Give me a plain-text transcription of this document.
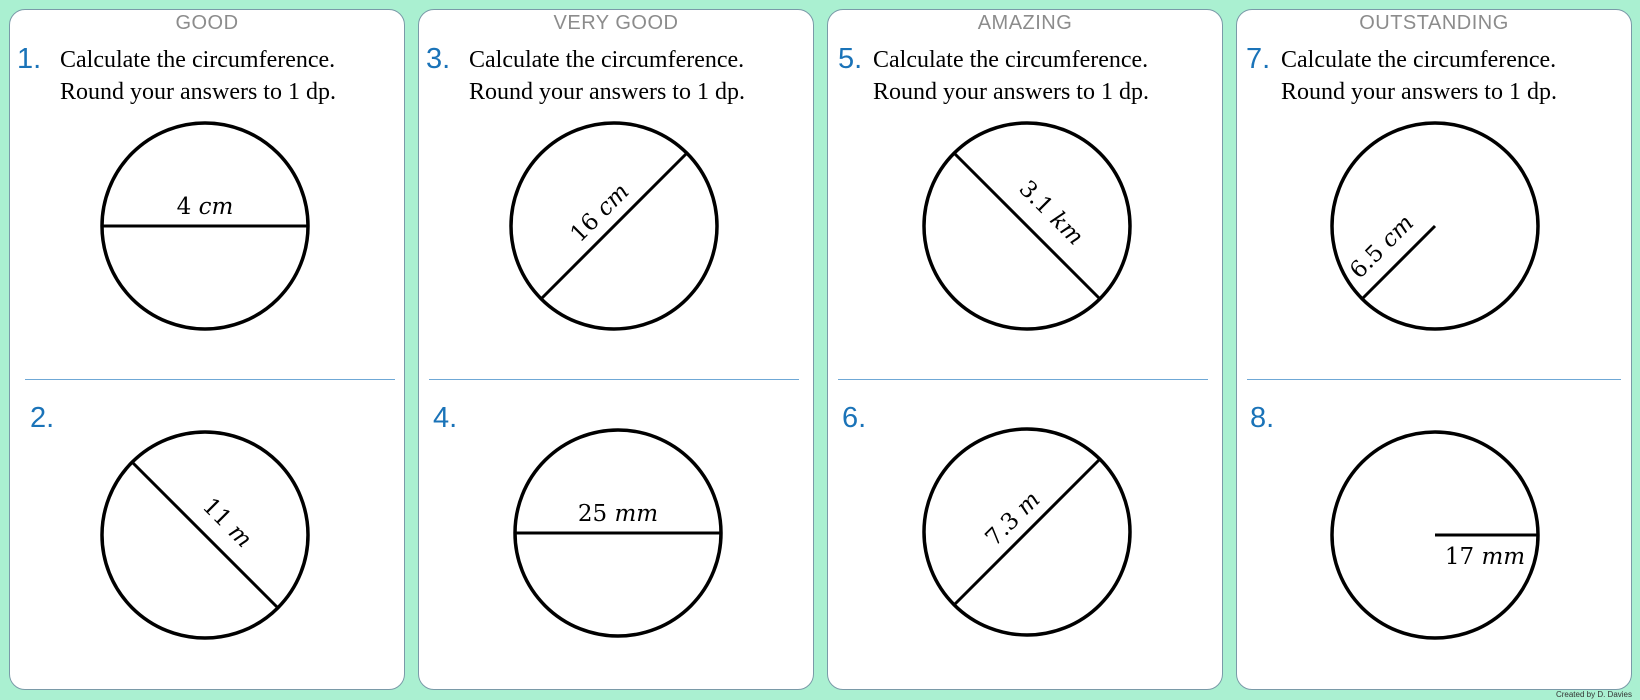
GOOD
1. Calculate the circumference.
Round your answers to 1 dp.
4 cm
2.
11 m
VERY GOOD
3. Calculate the circumference.
Round your answers to 1 dp.
16 cm
4.
25 mm
AMAZING
5. Calculate the circumference.
Round your answers to 1 dp.
3.1 km
6.
7.3 m
OUTSTANDING
7. Calculate the circumference.
Round your answers to 1 dp.
6.5 cm
8.
17 mm
Created by D. Davies
